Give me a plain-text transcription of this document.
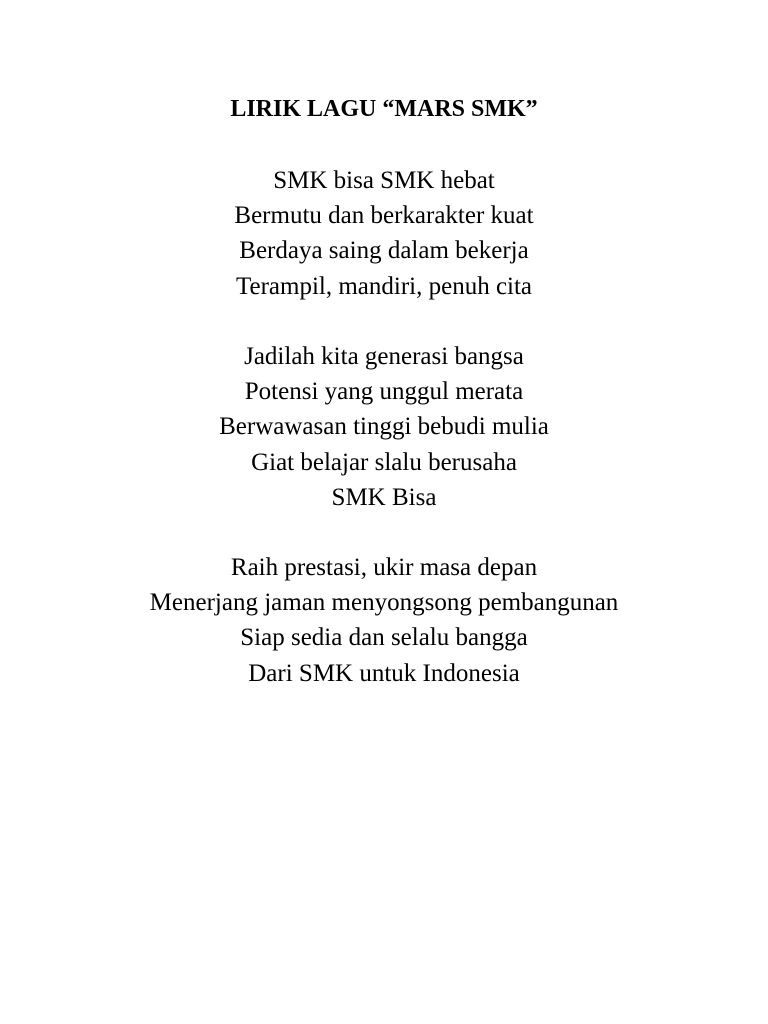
LIRIK LAGU “MARS SMK”
SMK bisa SMK hebat
Bermutu dan berkarakter kuat
Berdaya saing dalam bekerja
Terampil, mandiri, penuh cita
Jadilah kita generasi bangsa
Potensi yang unggul merata
Berwawasan tinggi bebudi mulia
Giat belajar slalu berusaha
SMK Bisa
Raih prestasi, ukir masa depan
Menerjang jaman menyongsong pembangunan
Siap sedia dan selalu bangga
Dari SMK untuk Indonesia
